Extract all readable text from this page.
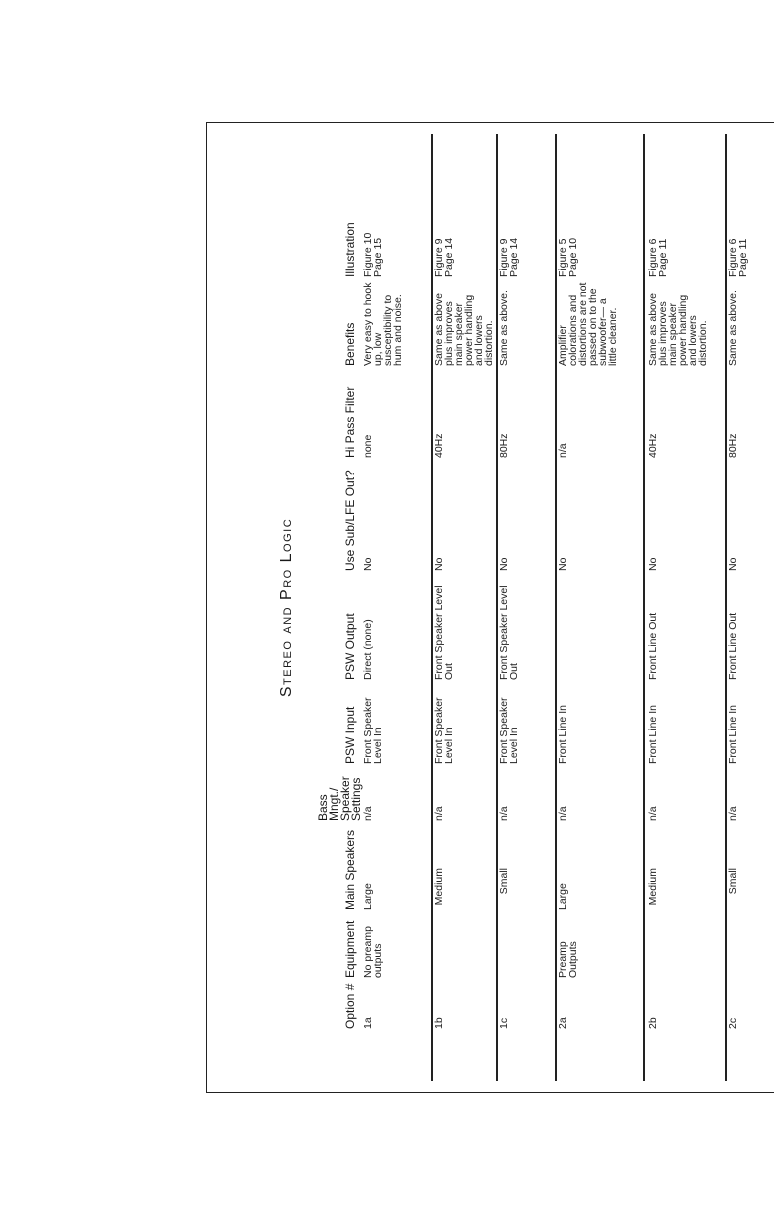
Stereo and Pro Logic
Option #
Equipment
Main Speakers
Bass Mngt./ Speaker Settings
PSW Input
PSW Output
Use Sub/LFE Out?
Hi Pass Filter
Benefits
Illustration
1a
No preamp outputs
Large
n/a
Front Speaker Level In
Direct (none)
No
none
Very easy to hook up, low susceptibility to hum and noise.
Figure 10 Page 15
1b
Medium
n/a
Front Speaker Level In
Front Speaker Level Out
No
40Hz
Same as above plus improves main speaker power handling and lowers distortion.
Figure 9 Page 14
1c
Small
n/a
Front Speaker Level In
Front Speaker Level Out
No
80Hz
Same as above.
Figure 9 Page 14
2a
Preamp Outputs
Large
n/a
Front Line In
No
n/a
Amplifier colorations and distortions are not passed on to the subwoofer— a little cleaner.
Figure 5 Page 10
2b
Medium
n/a
Front Line In
Front Line Out
No
40Hz
Same as above plus improves main speaker power handling and lowers distortion.
Figure 6 Page 11
2c
Small
n/a
Front Line In
Front Line Out
No
80Hz
Same as above.
Figure 6 Page 11
